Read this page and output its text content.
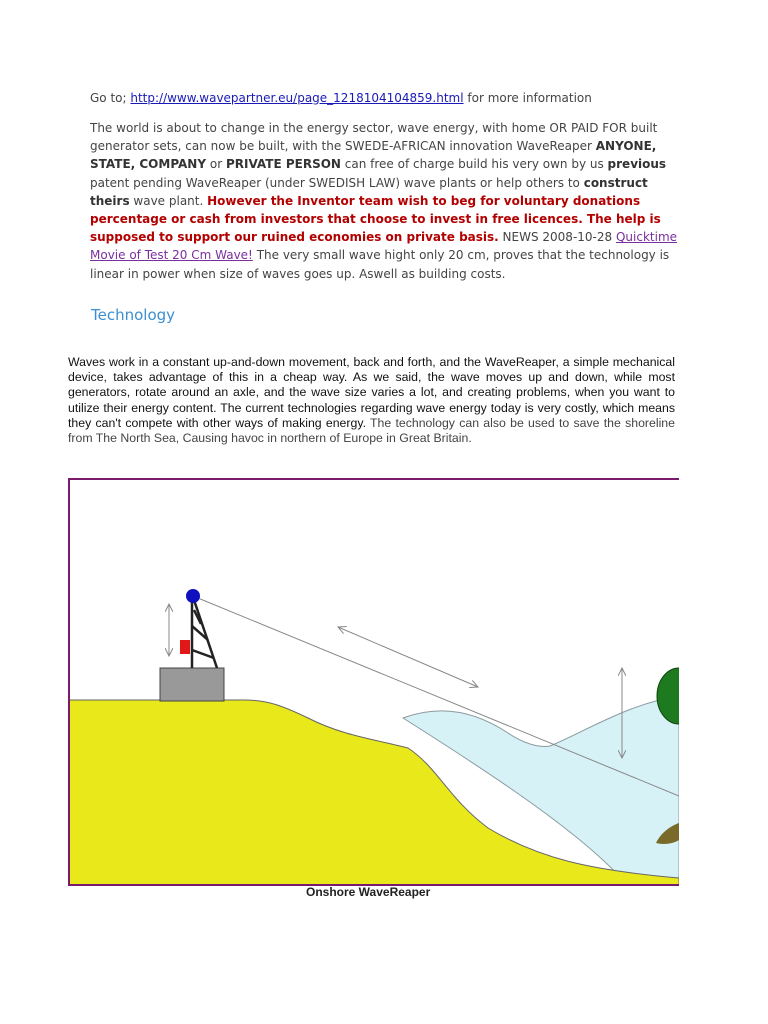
Go to; http://www.wavepartner.eu/page_1218104104859.html for more information
The world is about to change in the energy sector, wave energy, with home OR PAID FOR built generator sets, can now be built, with the SWEDE-AFRICAN innovation WaveReaper ANYONE, STATE, COMPANY or PRIVATE PERSON can free of charge build his very own by us previous patent pending WaveReaper (under SWEDISH LAW) wave plants or help others to construct theirs wave plant. However the Inventor team wish to beg for voluntary donations percentage or cash from investors that choose to invest in free licences. The help is supposed to support our ruined economies on private basis. NEWS 2008-10-28 Quicktime Movie of Test 20 Cm Wave! The very small wave hight only 20 cm, proves that the technology is linear in power when size of waves goes up. Aswell as building costs.
Technology
Waves work in a constant up-and-down movement, back and forth, and the WaveReaper, a simple mechanical device, takes advantage of this in a cheap way. As we said, the wave moves up and down, while most generators, rotate around an axle, and the wave size varies a lot, and creating problems, when you want to utilize their energy content. The current technologies regarding wave energy today is very costly, which means they can't compete with other ways of making energy. The technology can also be used to save the shoreline from The North Sea, Causing havoc in northern of Europe in Great Britain.
Onshore WaveReaper
